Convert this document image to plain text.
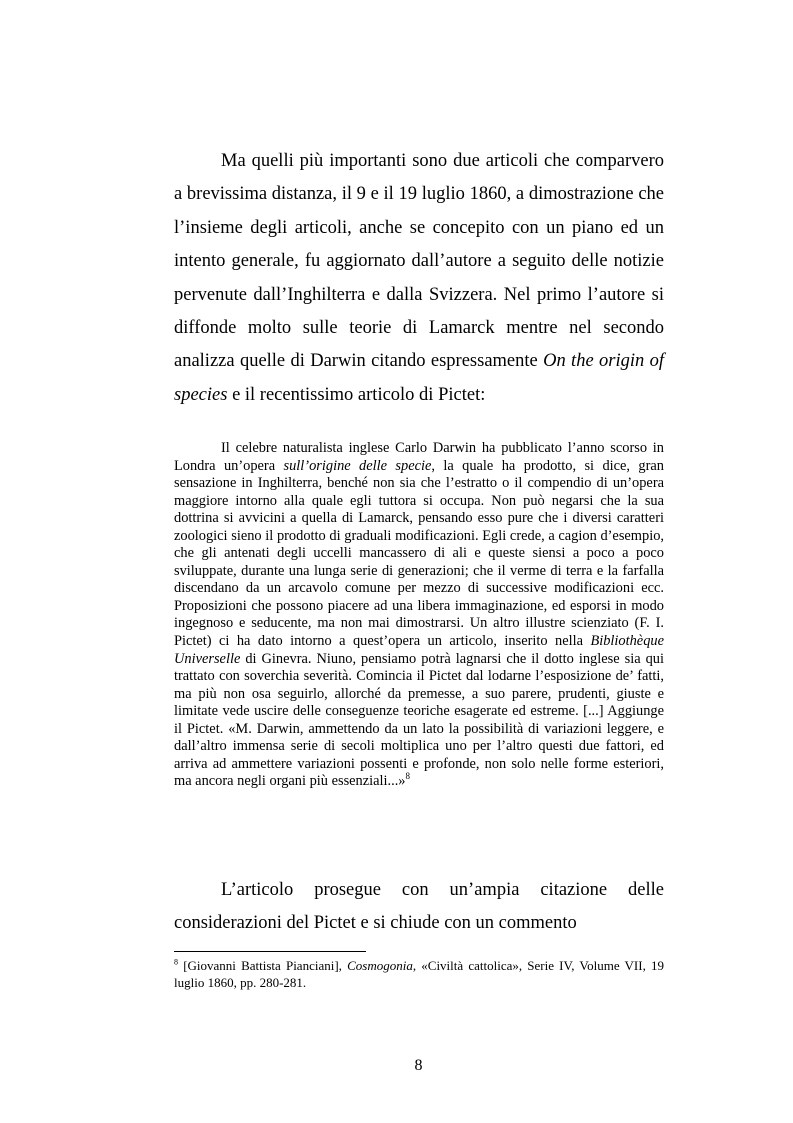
Ma quelli più importanti sono due articoli che comparvero a brevissima distanza, il 9 e il 19 luglio 1860, a dimostrazione che l’insieme degli articoli, anche se concepito con un piano ed un intento generale, fu aggiornato dall’autore a seguito delle notizie pervenute dall’Inghilterra e dalla Svizzera. Nel primo l’autore si diffonde molto sulle teorie di Lamarck mentre nel secondo analizza quelle di Darwin citando espressamente On the origin of species e il recentissimo articolo di Pictet:

Il celebre naturalista inglese Carlo Darwin ha pubblicato l’anno scorso in Londra un’opera sull’origine delle specie, la quale ha prodotto, si dice, gran sensazione in Inghilterra, benché non sia che l’estratto o il compendio di un’opera maggiore intorno alla quale egli tuttora si occupa. Non può negarsi che la sua dottrina si avvicini a quella di Lamarck, pensando esso pure che i diversi caratteri zoologici sieno il prodotto di graduali modificazioni. Egli crede, a cagion d’esempio, che gli antenati degli uccelli mancassero di ali e queste siensi a poco a poco sviluppate, durante una lunga serie di generazioni; che il verme di terra e la farfalla discendano da un arcavolo comune per mezzo di successive modificazioni ecc. Proposizioni che possono piacere ad una libera immaginazione, ed esporsi in modo ingegnoso e seducente, ma non mai dimostrarsi. Un altro illustre scienziato (F. I. Pictet) ci ha dato intorno a quest’opera un articolo, inserito nella Bibliothèque Universelle di Ginevra. Niuno, pensiamo potrà lagnarsi che il dotto inglese sia qui trattato con soverchia severità. Comincia il Pictet dal lodarne l’esposizione de’ fatti, ma più non osa seguirlo, allorché da premesse, a suo parere, prudenti, giuste e limitate vede uscire delle conseguenze teoriche esagerate ed estreme. [...] Aggiunge il Pictet. «M. Darwin, ammettendo da un lato la possibilità di variazioni leggere, e dall’altro immensa serie di secoli moltiplica uno per l’altro questi due fattori, ed arriva ad ammettere variazioni possenti e profonde, non solo nelle forme esteriori, ma ancora negli organi più essenziali...»$^8$

L’articolo prosegue con un’ampia citazione delle considerazioni del Pictet e si chiude con un commento

$^8$ [Giovanni Battista Pianciani], Cosmogonia, «Civiltà cattolica», Serie IV, Volume VII, 19 luglio 1860, pp. 280-281.

8
